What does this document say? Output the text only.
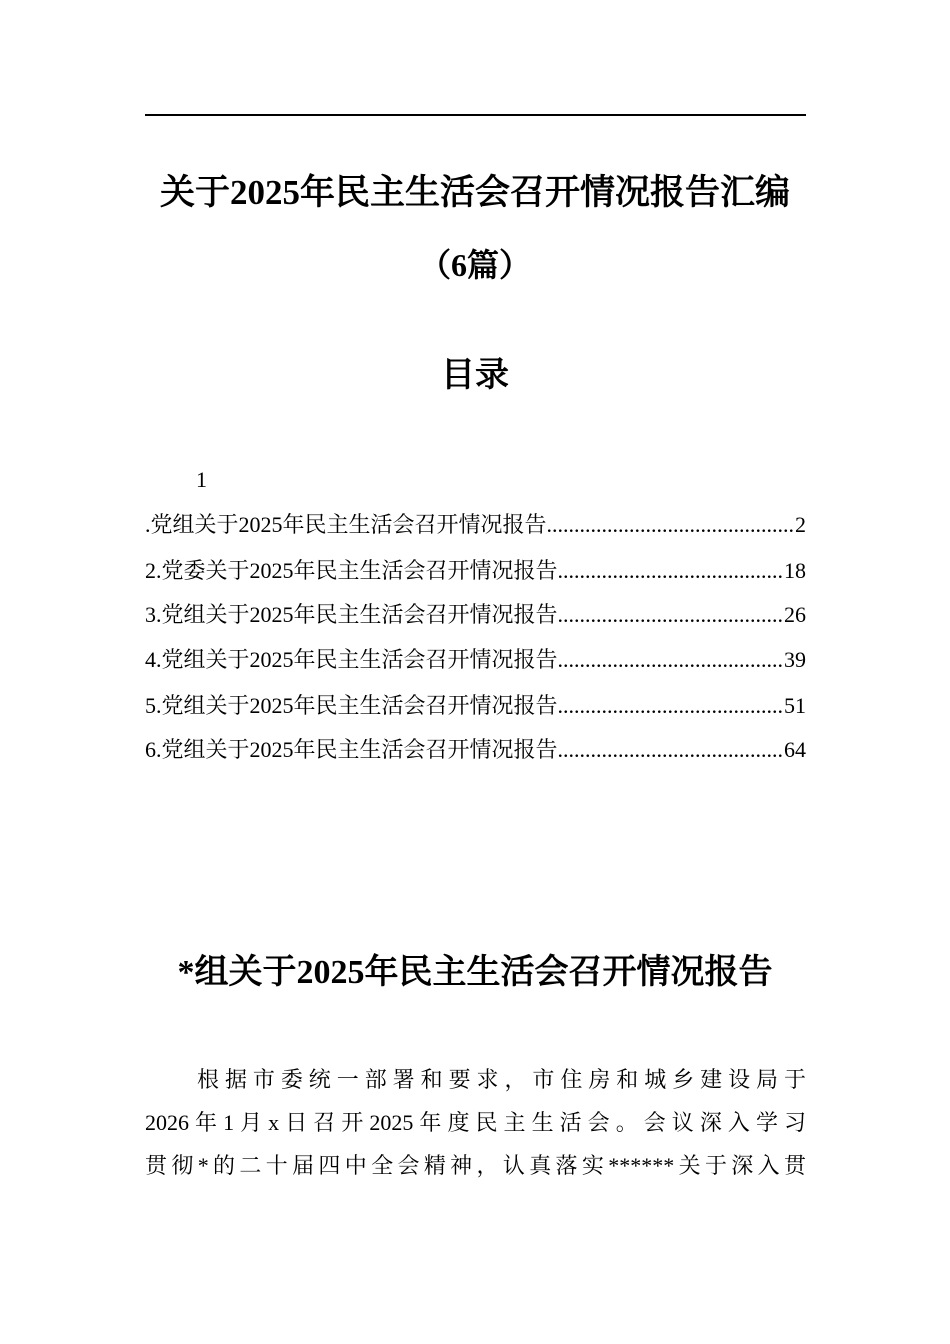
关于2025年民主生活会召开情况报告汇编
（6篇）
目录
1
.党组关于2025年民主生活会召开情况报告 .....	2
2.党委关于2025年民主生活会召开情况报告 .....	18
3.党组关于2025年民主生活会召开情况报告 .....	26
4.党组关于2025年民主生活会召开情况报告 .....	39
5.党组关于2025年民主生活会召开情况报告 .....	51
6.党组关于2025年民主生活会召开情况报告 .....	64
*组关于2025年民主生活会召开情况报告
根据市委统一部署和要求，市住房和城乡建设局于
2026年1月x日召开2025年度民主生活会。会议深入学习
贯彻*的二十届四中全会精神，认真落实******关于深入贯
